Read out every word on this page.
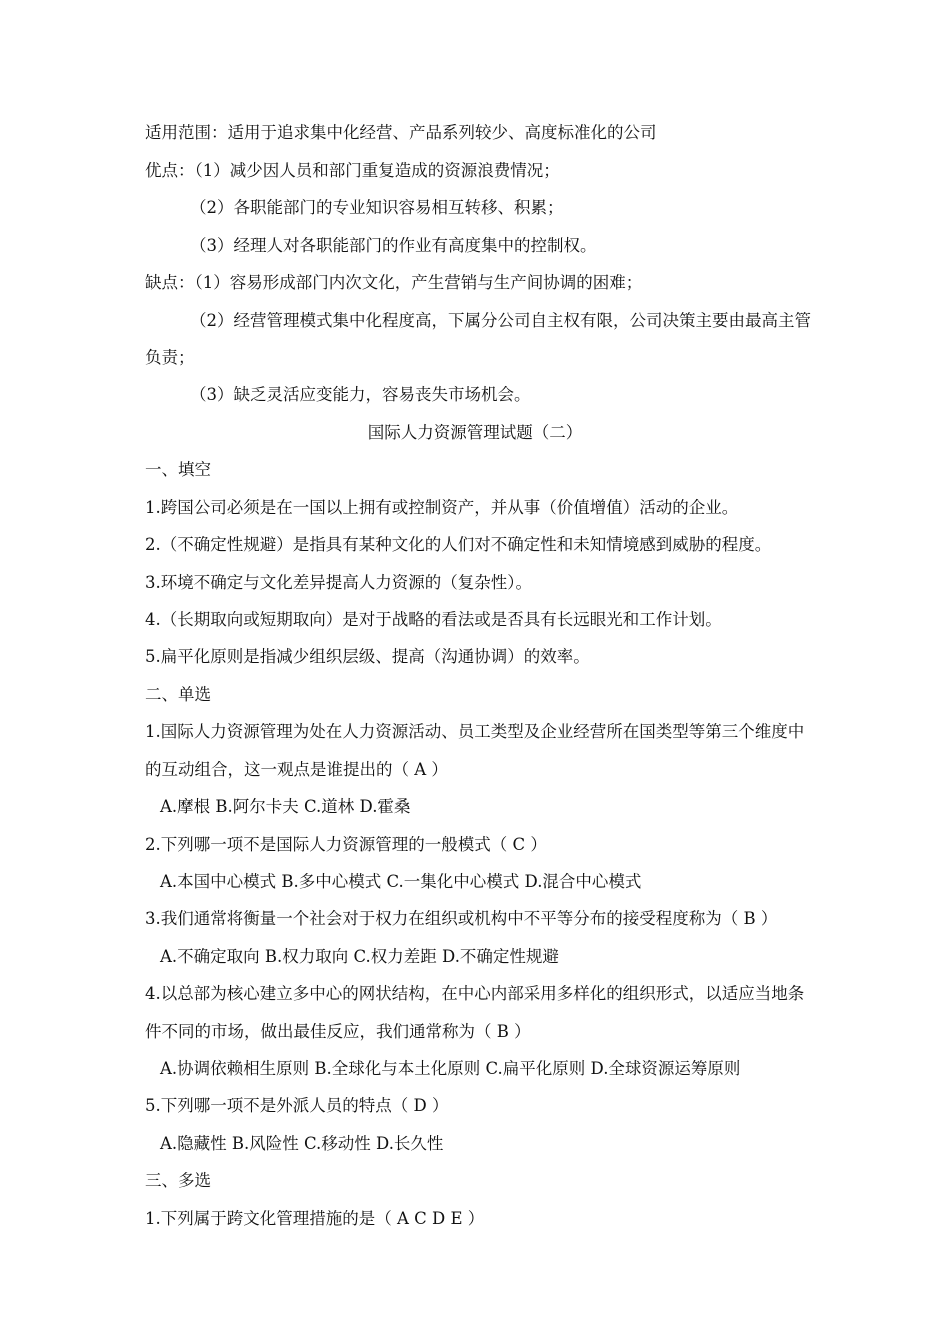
适用范围：适用于追求集中化经营、产品系列较少、高度标准化的公司
优点：（1）减少因人员和部门重复造成的资源浪费情况；
（2）各职能部门的专业知识容易相互转移、积累；
（3）经理人对各职能部门的作业有高度集中的控制权。
缺点：（1）容易形成部门内次文化，产生营销与生产间协调的困难；
（2）经营管理模式集中化程度高，下属分公司自主权有限，公司决策主要由最高主管
负责；
（3）缺乏灵活应变能力，容易丧失市场机会。
国际人力资源管理试题（二）
一、填空
1.跨国公司必须是在一国以上拥有或控制资产，并从事（价值增值）活动的企业。
2.（不确定性规避）是指具有某种文化的人们对不确定性和未知情境感到威胁的程度。
3.环境不确定与文化差异提高人力资源的（复杂性）。
4.（长期取向或短期取向）是对于战略的看法或是否具有长远眼光和工作计划。
5.扁平化原则是指减少组织层级、提高（沟通协调）的效率。
二、单选
1.国际人力资源管理为处在人力资源活动、员工类型及企业经营所在国类型等第三个维度中
的互动组合，这一观点是谁提出的（ A ）
A.摩根 B.阿尔卡夫 C.道林 D.霍桑
2.下列哪一项不是国际人力资源管理的一般模式（ C ）
A.本国中心模式 B.多中心模式 C.一集化中心模式 D.混合中心模式
3.我们通常将衡量一个社会对于权力在组织或机构中不平等分布的接受程度称为（ B ）
A.不确定取向 B.权力取向 C.权力差距 D.不确定性规避
4.以总部为核心建立多中心的网状结构，在中心内部采用多样化的组织形式，以适应当地条
件不同的市场，做出最佳反应，我们通常称为（ B ）
A.协调依赖相生原则 B.全球化与本土化原则 C.扁平化原则 D.全球资源运筹原则
5.下列哪一项不是外派人员的特点（ D ）
A.隐藏性 B.风险性 C.移动性 D.长久性
三、多选
1.下列属于跨文化管理措施的是（ A C D E ）
